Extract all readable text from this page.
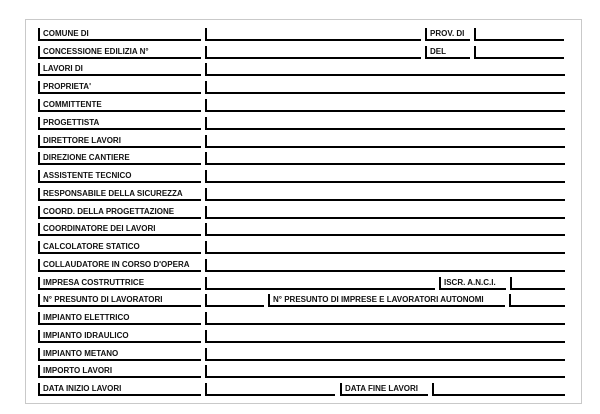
COMUNE DI	PROV. DI
CONCESSIONE EDILIZIA N°	DEL
LAVORI DI
PROPRIETA'
COMMITTENTE
PROGETTISTA
DIRETTORE LAVORI
DIREZIONE CANTIERE
ASSISTENTE TECNICO
RESPONSABILE DELLA SICUREZZA
COORD. DELLA PROGETTAZIONE
COORDINATORE DEI LAVORI
CALCOLATORE STATICO
COLLAUDATORE IN CORSO D'OPERA
IMPRESA COSTRUTTRICE	ISCR. A.N.C.I.
N° PRESUNTO DI LAVORATORI	N° PRESUNTO DI IMPRESE E LAVORATORI AUTONOMI
IMPIANTO ELETTRICO
IMPIANTO IDRAULICO
IMPIANTO METANO
IMPORTO LAVORI
DATA INIZIO LAVORI	DATA FINE LAVORI
